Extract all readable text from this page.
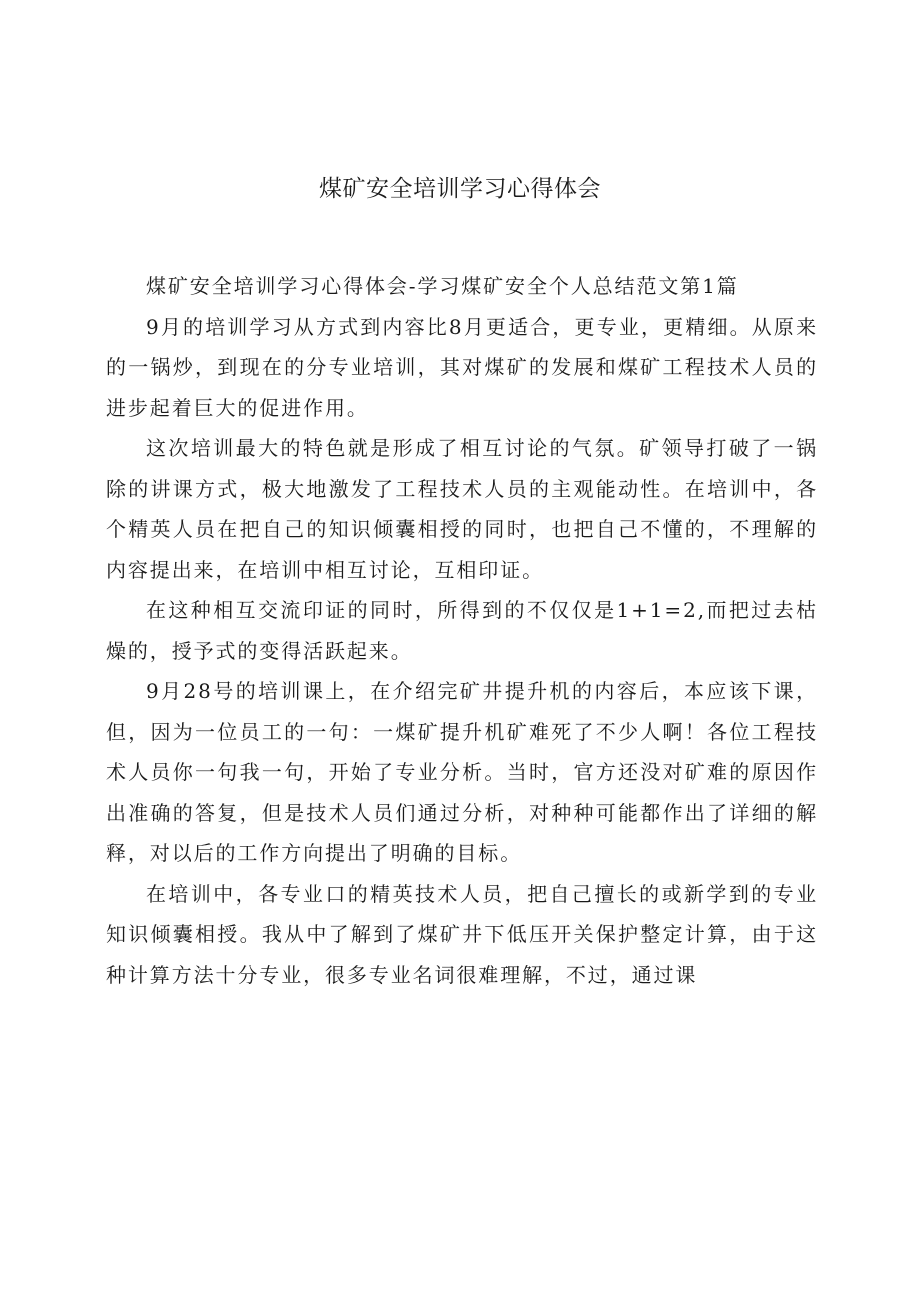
煤矿安全培训学习心得体会

煤矿安全培训学习心得体会-学习煤矿安全个人总结范文第1篇

9月的培训学习从方式到内容比8月更适合，更专业，更精细。从原来的一锅炒，到现在的分专业培训，其对煤矿的发展和煤矿工程技术人员的进步起着巨大的促进作用。

这次培训最大的特色就是形成了相互讨论的气氛。矿领导打破了一锅除的讲课方式，极大地激发了工程技术人员的主观能动性。在培训中，各个精英人员在把自己的知识倾囊相授的同时，也把自己不懂的，不理解的内容提出来，在培训中相互讨论，互相印证。

在这种相互交流印证的同时，所得到的不仅仅是1+1=2,而把过去枯燥的，授予式的变得活跃起来。

9月28号的培训课上，在介绍完矿井提升机的内容后，本应该下课，但，因为一位员工的一句：一煤矿提升机矿难死了不少人啊！各位工程技术人员你一句我一句，开始了专业分析。当时，官方还没对矿难的原因作出准确的答复，但是技术人员们通过分析，对种种可能都作出了详细的解释，对以后的工作方向提出了明确的目标。

在培训中，各专业口的精英技术人员，把自己擅长的或新学到的专业知识倾囊相授。我从中了解到了煤矿井下低压开关保护整定计算，由于这种计算方法十分专业，很多专业名词很难理解，不过，通过课
